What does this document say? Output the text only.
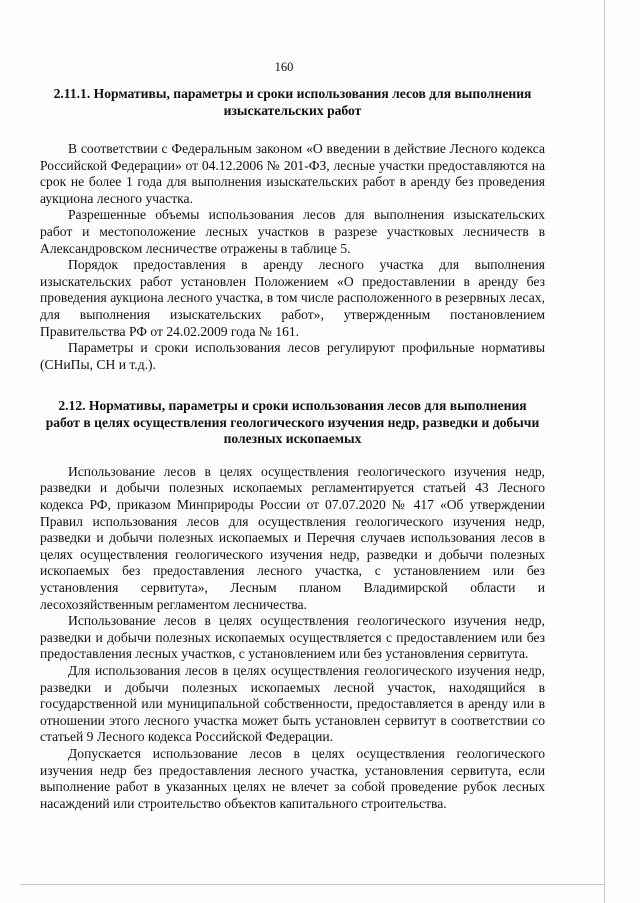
160

2.11.1. Нормативы, параметры и сроки использования лесов для выполнения изыскательских работ

В соответствии с Федеральным законом «О введении в действие Лесного кодекса Российской Федерации» от 04.12.2006 № 201-ФЗ, лесные участки предоставляются на срок не более 1 года для выполнения изыскательских работ в аренду без проведения аукциона лесного участка.

Разрешенные объемы использования лесов для выполнения изыскательских работ и местоположение лесных участков в разрезе участковых лесничеств в Александровском лесничестве отражены в таблице 5.

Порядок предоставления в аренду лесного участка для выполнения изыскательских работ установлен Положением «О предоставлении в аренду без проведения аукциона лесного участка, в том числе расположенного в резервных лесах, для выполнения изыскательских работ», утвержденным постановлением Правительства РФ от 24.02.2009 года № 161.

Параметры и сроки использования лесов регулируют профильные нормативы (СНиПы, СН и т.д.).

2.12. Нормативы, параметры и сроки использования лесов для выполнения работ в целях осуществления геологического изучения недр, разведки и добычи полезных ископаемых

Использование лесов в целях осуществления геологического изучения недр, разведки и добычи полезных ископаемых регламентируется статьей 43 Лесного кодекса РФ, приказом Минприроды России от 07.07.2020 № 417 «Об утверждении Правил использования лесов для осуществления геологического изучения недр, разведки и добычи полезных ископаемых и Перечня случаев использования лесов в целях осуществления геологического изучения недр, разведки и добычи полезных ископаемых без предоставления лесного участка, с установлением или без установления сервитута», Лесным планом Владимирской области и лесохозяйственным регламентом лесничества.

Использование лесов в целях осуществления геологического изучения недр, разведки и добычи полезных ископаемых осуществляется с предоставлением или без предоставления лесных участков, с установлением или без установления сервитута.

Для использования лесов в целях осуществления геологического изучения недр, разведки и добычи полезных ископаемых лесной участок, находящийся в государственной или муниципальной собственности, предоставляется в аренду или в отношении этого лесного участка может быть установлен сервитут в соответствии со статьей 9 Лесного кодекса Российской Федерации.

Допускается использование лесов в целях осуществления геологического изучения недр без предоставления лесного участка, установления сервитута, если выполнение работ в указанных целях не влечет за собой проведение рубок лесных насаждений или строительство объектов капитального строительства.
